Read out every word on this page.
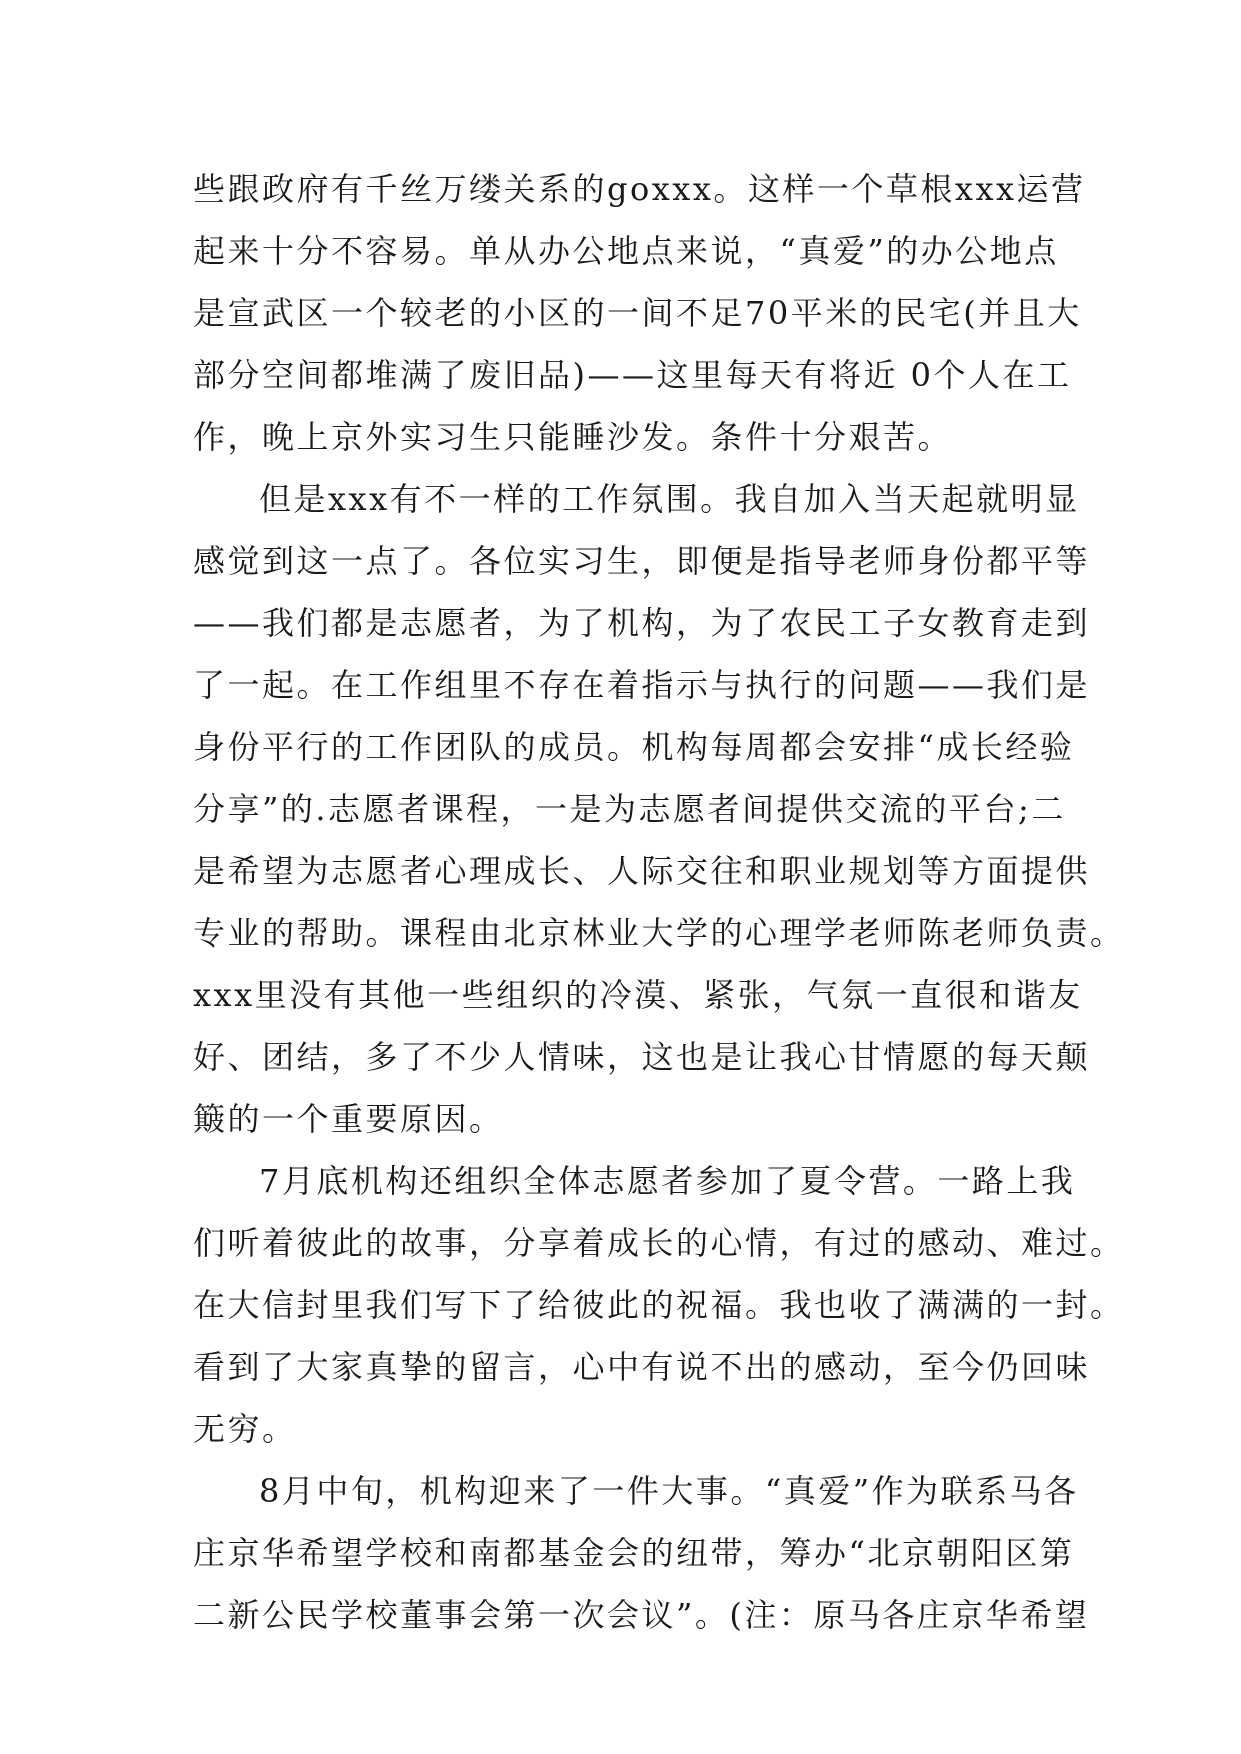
些跟政府有千丝万缕关系的goxxx。这样一个草根xxx运营
起来十分不容易。单从办公地点来说，“真爱”的办公地点
是宣武区一个较老的小区的一间不足70平米的民宅(并且大
部分空间都堆满了废旧品)——这里每天有将近 0个人在工
作，晚上京外实习生只能睡沙发。条件十分艰苦。
但是xxx有不一样的工作氛围。我自加入当天起就明显
感觉到这一点了。各位实习生，即便是指导老师身份都平等
——我们都是志愿者，为了机构，为了农民工子女教育走到
了一起。在工作组里不存在着指示与执行的问题——我们是
身份平行的工作团队的成员。机构每周都会安排“成长经验
分享”的.志愿者课程，一是为志愿者间提供交流的平台;二
是希望为志愿者心理成长、人际交往和职业规划等方面提供
专业的帮助。课程由北京林业大学的心理学老师陈老师负责。
xxx里没有其他一些组织的冷漠、紧张，气氛一直很和谐友
好、团结，多了不少人情味，这也是让我心甘情愿的每天颠
簸的一个重要原因。
7月底机构还组织全体志愿者参加了夏令营。一路上我
们听着彼此的故事，分享着成长的心情，有过的感动、难过。
在大信封里我们写下了给彼此的祝福。我也收了满满的一封。
看到了大家真挚的留言，心中有说不出的感动，至今仍回味
无穷。
8月中旬，机构迎来了一件大事。“真爱”作为联系马各
庄京华希望学校和南都基金会的纽带，筹办“北京朝阳区第
二新公民学校董事会第一次会议”。(注：原马各庄京华希望
